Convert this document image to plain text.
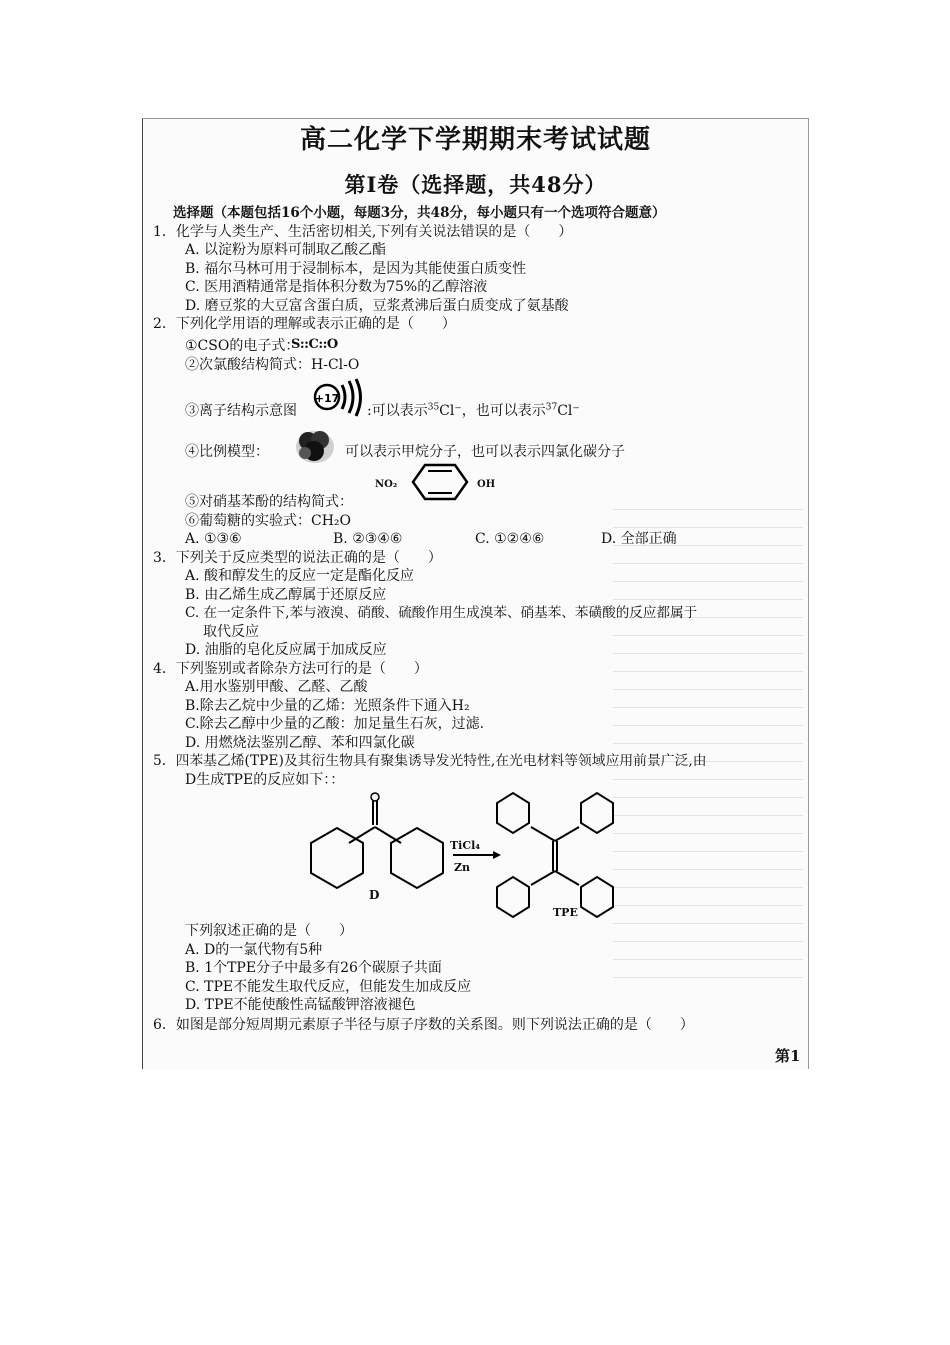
高二化学下学期期末考试试题
第Ⅰ卷（选择题，共48分）
选择题（本题包括16个小题，每题3分，共48分，每小题只有一个选项符合题意）
1．化学与人类生产、生活密切相关,下列有关说法错误的是（　　）
A. 以淀粉为原料可制取乙酸乙酯
B. 福尔马林可用于浸制标本，是因为其能使蛋白质变性
C. 医用酒精通常是指体积分数为75%的乙醇溶液
D. 磨豆浆的大豆富含蛋白质，豆浆煮沸后蛋白质变成了氨基酸
2．下列化学用语的理解或表示正确的是（　　）
①CSO的电子式：
S::C::O
②次氯酸结构简式：H-Cl-O
③离子结构示意图
+17
:可以表示$^{35}$Cl⁻，也可以表示$^{37}$Cl⁻
④比例模型：	可以表示甲烷分子，也可以表示四氯化碳分子
NO₂	OH
⑤对硝基苯酚的结构简式：
⑥葡萄糖的实验式：CH₂O
A. ①③⑥	B. ②③④⑥	C. ①②④⑥	D. 全部正确
3．下列关于反应类型的说法正确的是（　　）
A. 酸和醇发生的反应一定是酯化反应
B. 由乙烯生成乙醇属于还原反应
C. 在一定条件下,苯与液溴、硝酸、硫酸作用生成溴苯、硝基苯、苯磺酸的反应都属于
取代反应
D. 油脂的皂化反应属于加成反应
4．下列鉴别或者除杂方法可行的是（　　）
A.用水鉴别甲酸、乙醛、乙酸
B.除去乙烷中少量的乙烯：光照条件下通入H₂
C.除去乙醇中少量的乙酸：加足量生石灰，过滤.
D. 用燃烧法鉴别乙醇、苯和四氯化碳
5．四苯基乙烯(TPE)及其衍生物具有聚集诱导发光特性,在光电材料等领域应用前景广泛,由
D生成TPE的反应如下：：
TiCl₄
Zn
D
TPE
下列叙述正确的是（　　）
A. D的一氯代物有5种
B. 1个TPE分子中最多有26个碳原子共面
C. TPE不能发生取代反应，但能发生加成反应
D. TPE不能使酸性高锰酸钾溶液褪色
6．如图是部分短周期元素原子半径与原子序数的关系图。则下列说法正确的是（　　）
第1
